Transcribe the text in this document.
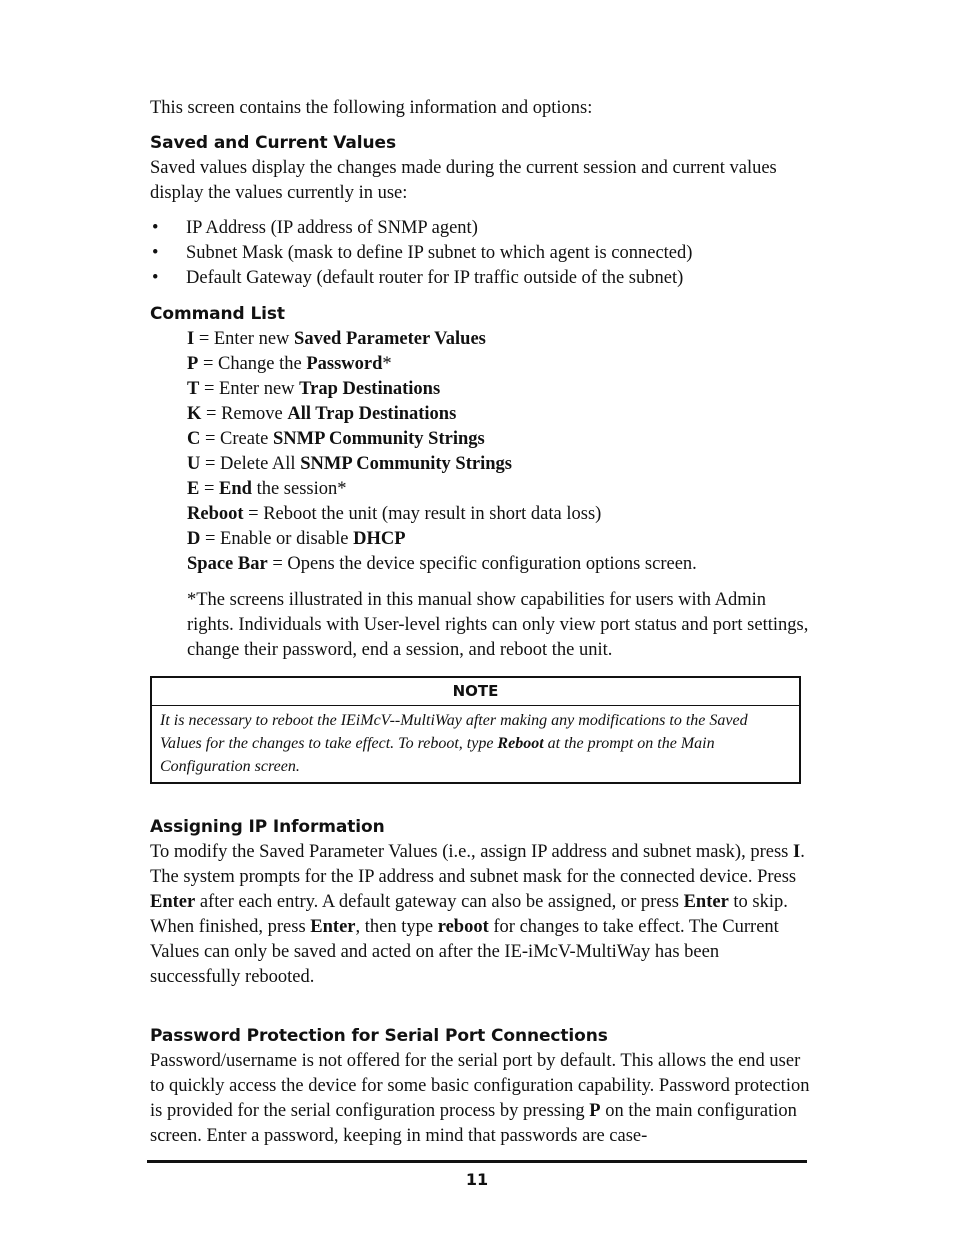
This screen contains the following information and options:

Saved and Current Values

Saved values display the changes made during the current session and current values display the values currently in use:

• IP Address (IP address of SNMP agent)
• Subnet Mask (mask to define IP subnet to which agent is connected)
• Default Gateway (default router for IP traffic outside of the subnet)
Command List
I = Enter new Saved Parameter Values
P = Change the Password*
T = Enter new Trap Destinations
K = Remove All Trap Destinations
C = Create SNMP Community Strings
U = Delete All SNMP Community Strings
E = End the session*
Reboot = Reboot the unit (may result in short data loss)
D = Enable or disable DHCP
Space Bar = Opens the device specific configuration options screen.

*The screens illustrated in this manual show capabilities for users with Admin rights. Individuals with User-level rights can only view port status and port settings, change their password, end a session, and reboot the unit.

NOTE
It is necessary to reboot the IEiMcV--MultiWay after making any modifications to the Saved Values for the changes to take effect. To reboot, type Reboot at the prompt on the Main Configuration screen.
Assigning IP Information

To modify the Saved Parameter Values (i.e., assign IP address and subnet mask), press I. The system prompts for the IP address and subnet mask for the connected device. Press Enter after each entry. A default gateway can also be assigned, or press Enter to skip. When finished, press Enter, then type reboot for changes to take effect. The Current Values can only be saved and acted on after the IE-iMcV-MultiWay has been successfully rebooted.

Password Protection for Serial Port Connections

Password/username is not offered for the serial port by default. This allows the end user to quickly access the device for some basic configuration capability. Password protection is provided for the serial configuration process by pressing P on the main configuration screen. Enter a password, keeping in mind that passwords are case-

11
